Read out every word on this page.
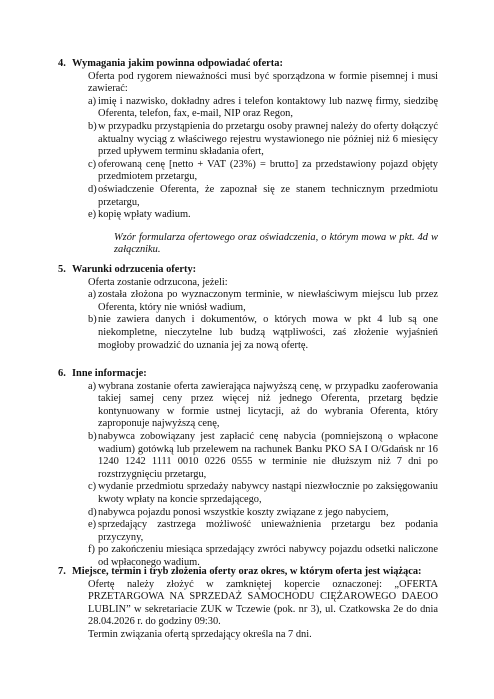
4. Wymagania jakim powinna odpowiadać oferta:
Oferta pod rygorem nieważności musi być sporządzona w formie pisemnej i musi zawierać:
a) imię i nazwisko, dokładny adres i telefon kontaktowy lub nazwę firmy, siedzibę Oferenta, telefon, fax, e-mail, NIP oraz Regon,
b) w przypadku przystąpienia do przetargu osoby prawnej należy do oferty dołączyć aktualny wyciąg z właściwego rejestru wystawionego nie później niż 6 miesięcy przed upływem terminu składania ofert,
c) oferowaną cenę [netto + VAT (23%) = brutto] za przedstawiony pojazd objęty przedmiotem przetargu,
d) oświadczenie Oferenta, że zapoznał się ze stanem technicznym przedmiotu przetargu,
e) kopię wpłaty wadium.
Wzór formularza ofertowego oraz oświadczenia, o którym mowa w pkt. 4d w załączniku.
5. Warunki odrzucenia oferty:
Oferta zostanie odrzucona, jeżeli:
a) została złożona po wyznaczonym terminie, w niewłaściwym miejscu lub przez Oferenta, który nie wniósł wadium,
b) nie zawiera danych i dokumentów, o których mowa w pkt 4 lub są one niekompletne, nieczytelne lub budzą wątpliwości, zaś złożenie wyjaśnień mogłoby prowadzić do uznania jej za nową ofertę.
6. Inne informacje:
a) wybrana zostanie oferta zawierająca najwyższą cenę, w przypadku zaoferowania takiej samej ceny przez więcej niż jednego Oferenta, przetarg będzie kontynuowany w formie ustnej licytacji, aż do wybrania Oferenta, który zaproponuje najwyższą cenę,
b) nabywca zobowiązany jest zapłacić cenę nabycia (pomniejszoną o wpłacone wadium) gotówką lub przelewem na rachunek Banku PKO SA I O/Gdańsk nr 16 1240 1242 1111 0010 0226 0555 w terminie nie dłuższym niż 7 dni po rozstrzygnięciu przetargu,
c) wydanie przedmiotu sprzedaży nabywcy nastąpi niezwłocznie po zaksięgowaniu kwoty wpłaty na koncie sprzedającego,
d) nabywca pojazdu ponosi wszystkie koszty związane z jego nabyciem,
e) sprzedający zastrzega możliwość unieważnienia przetargu bez podania przyczyny,
f) po zakończeniu miesiąca sprzedający zwróci nabywcy pojazdu odsetki naliczone od wpłaconego wadium.
7. Miejsce, termin i tryb złożenia oferty oraz okres, w którym oferta jest wiążąca:
Ofertę należy złożyć w zamkniętej kopercie oznaczonej: „OFERTA PRZETARGOWA NA SPRZEDAŻ SAMOCHODU CIĘŻAROWEGO DAEOO LUBLIN” w sekretariacie ZUK w Tczewie (pok. nr 3), ul. Czatkowska 2e do dnia 28.04.2026 r. do godziny 09:30.
Termin związania ofertą sprzedający określa na 7 dni.
